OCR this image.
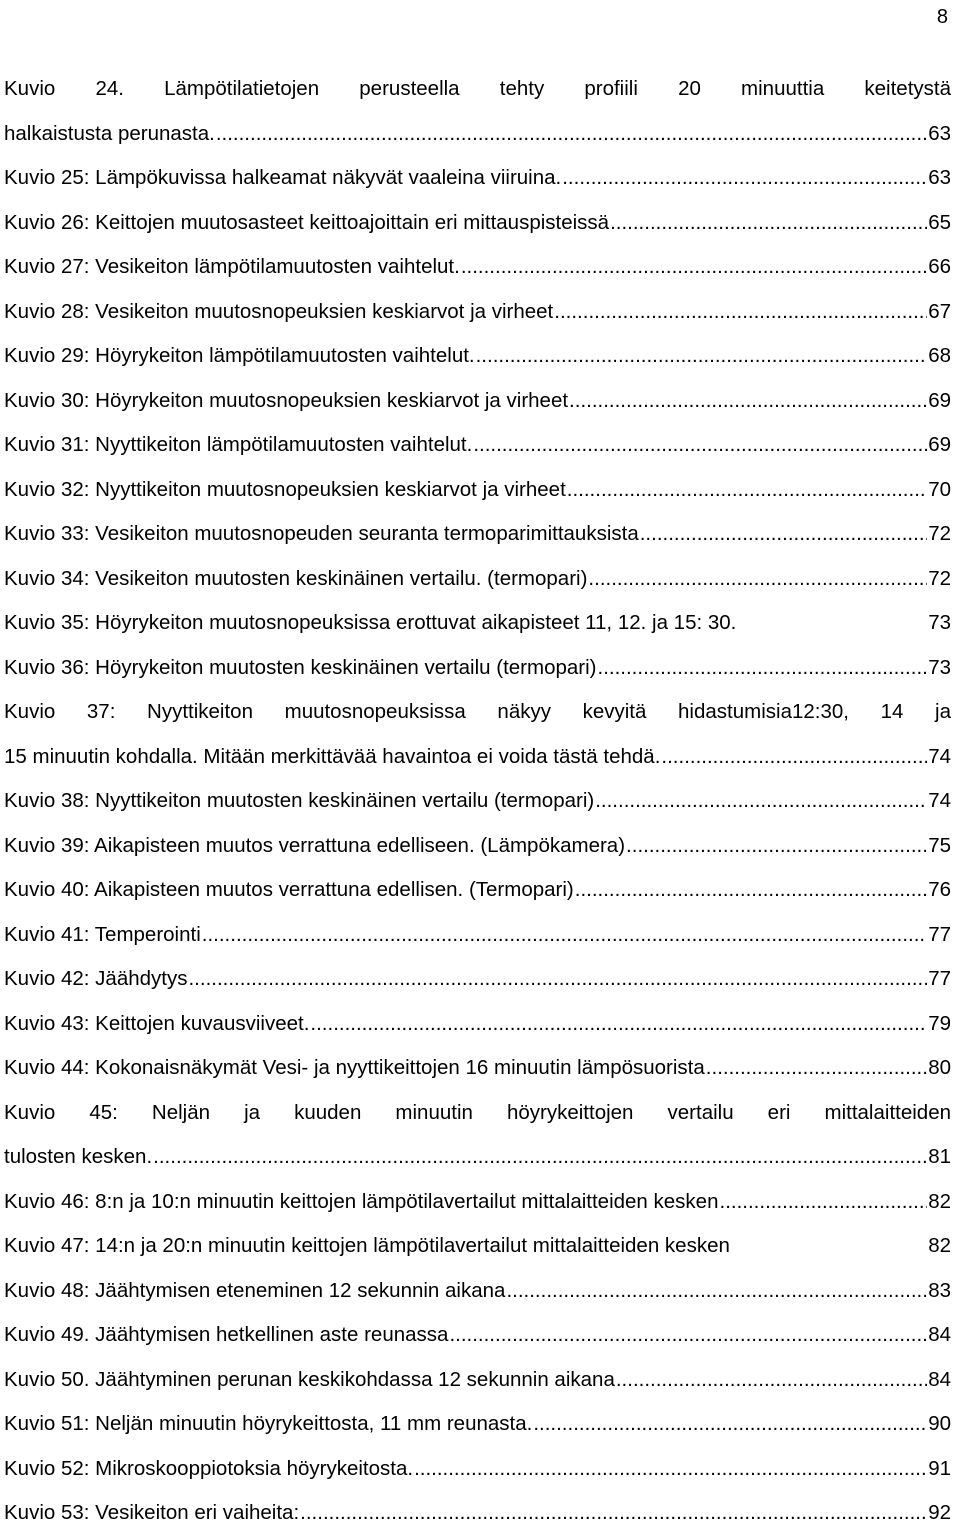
8
Kuvio 24. Lämpötilatietojen perusteella tehty profiili 20 minuuttia keitetystä
halkaistusta perunasta. .....	63
Kuvio 25: Lämpökuvissa halkeamat näkyvät vaaleina viiruina. .....	63
Kuvio 26: Keittojen muutosasteet keittoajoittain eri mittauspisteissä .....	65
Kuvio 27: Vesikeiton lämpötilamuutosten vaihtelut. .....	66
Kuvio 28: Vesikeiton muutosnopeuksien keskiarvot ja virheet .....	67
Kuvio 29: Höyrykeiton lämpötilamuutosten vaihtelut. .....	68
Kuvio 30: Höyrykeiton muutosnopeuksien keskiarvot ja virheet .....	69
Kuvio 31: Nyyttikeiton lämpötilamuutosten vaihtelut. .....	69
Kuvio 32: Nyyttikeiton muutosnopeuksien keskiarvot ja virheet .....	70
Kuvio 33: Vesikeiton muutosnopeuden seuranta termoparimittauksista .....	72
Kuvio 34: Vesikeiton muutosten keskinäinen vertailu. (termopari) .....	72
Kuvio 35: Höyrykeiton muutosnopeuksissa erottuvat aikapisteet 11, 12. ja 15: 30.	73
Kuvio 36: Höyrykeiton muutosten keskinäinen vertailu (termopari) .....	73
Kuvio 37: Nyyttikeiton muutosnopeuksissa näkyy kevyitä hidastumisia12:30, 14 ja
15 minuutin kohdalla. Mitään merkittävää havaintoa ei voida tästä tehdä. .....	74
Kuvio 38: Nyyttikeiton muutosten keskinäinen vertailu (termopari) .....	74
Kuvio 39: Aikapisteen muutos verrattuna edelliseen. (Lämpökamera) .....	75
Kuvio 40: Aikapisteen muutos verrattuna edellisen. (Termopari) .....	76
Kuvio 41: Temperointi .....	77
Kuvio 42: Jäähdytys .....	77
Kuvio 43: Keittojen kuvausviiveet. .....	79
Kuvio 44: Kokonaisnäkymät Vesi- ja nyyttikeittojen 16 minuutin lämpösuorista .....	80
Kuvio 45: Neljän ja kuuden minuutin höyrykeittojen vertailu eri mittalaitteiden
tulosten kesken. .....	81
Kuvio 46: 8:n ja 10:n minuutin keittojen lämpötilavertailut mittalaitteiden kesken .....	82
Kuvio 47: 14:n ja 20:n minuutin keittojen lämpötilavertailut mittalaitteiden kesken	82
Kuvio 48: Jäähtymisen eteneminen 12 sekunnin aikana .....	83
Kuvio 49. Jäähtymisen hetkellinen aste reunassa .....	84
Kuvio 50. Jäähtyminen perunan keskikohdassa 12 sekunnin aikana .....	84
Kuvio 51: Neljän minuutin höyrykeittosta, 11 mm reunasta. .....	90
Kuvio 52: Mikroskooppiotoksia höyrykeitosta. .....	91
Kuvio 53: Vesikeiton eri vaiheita: .....	92
